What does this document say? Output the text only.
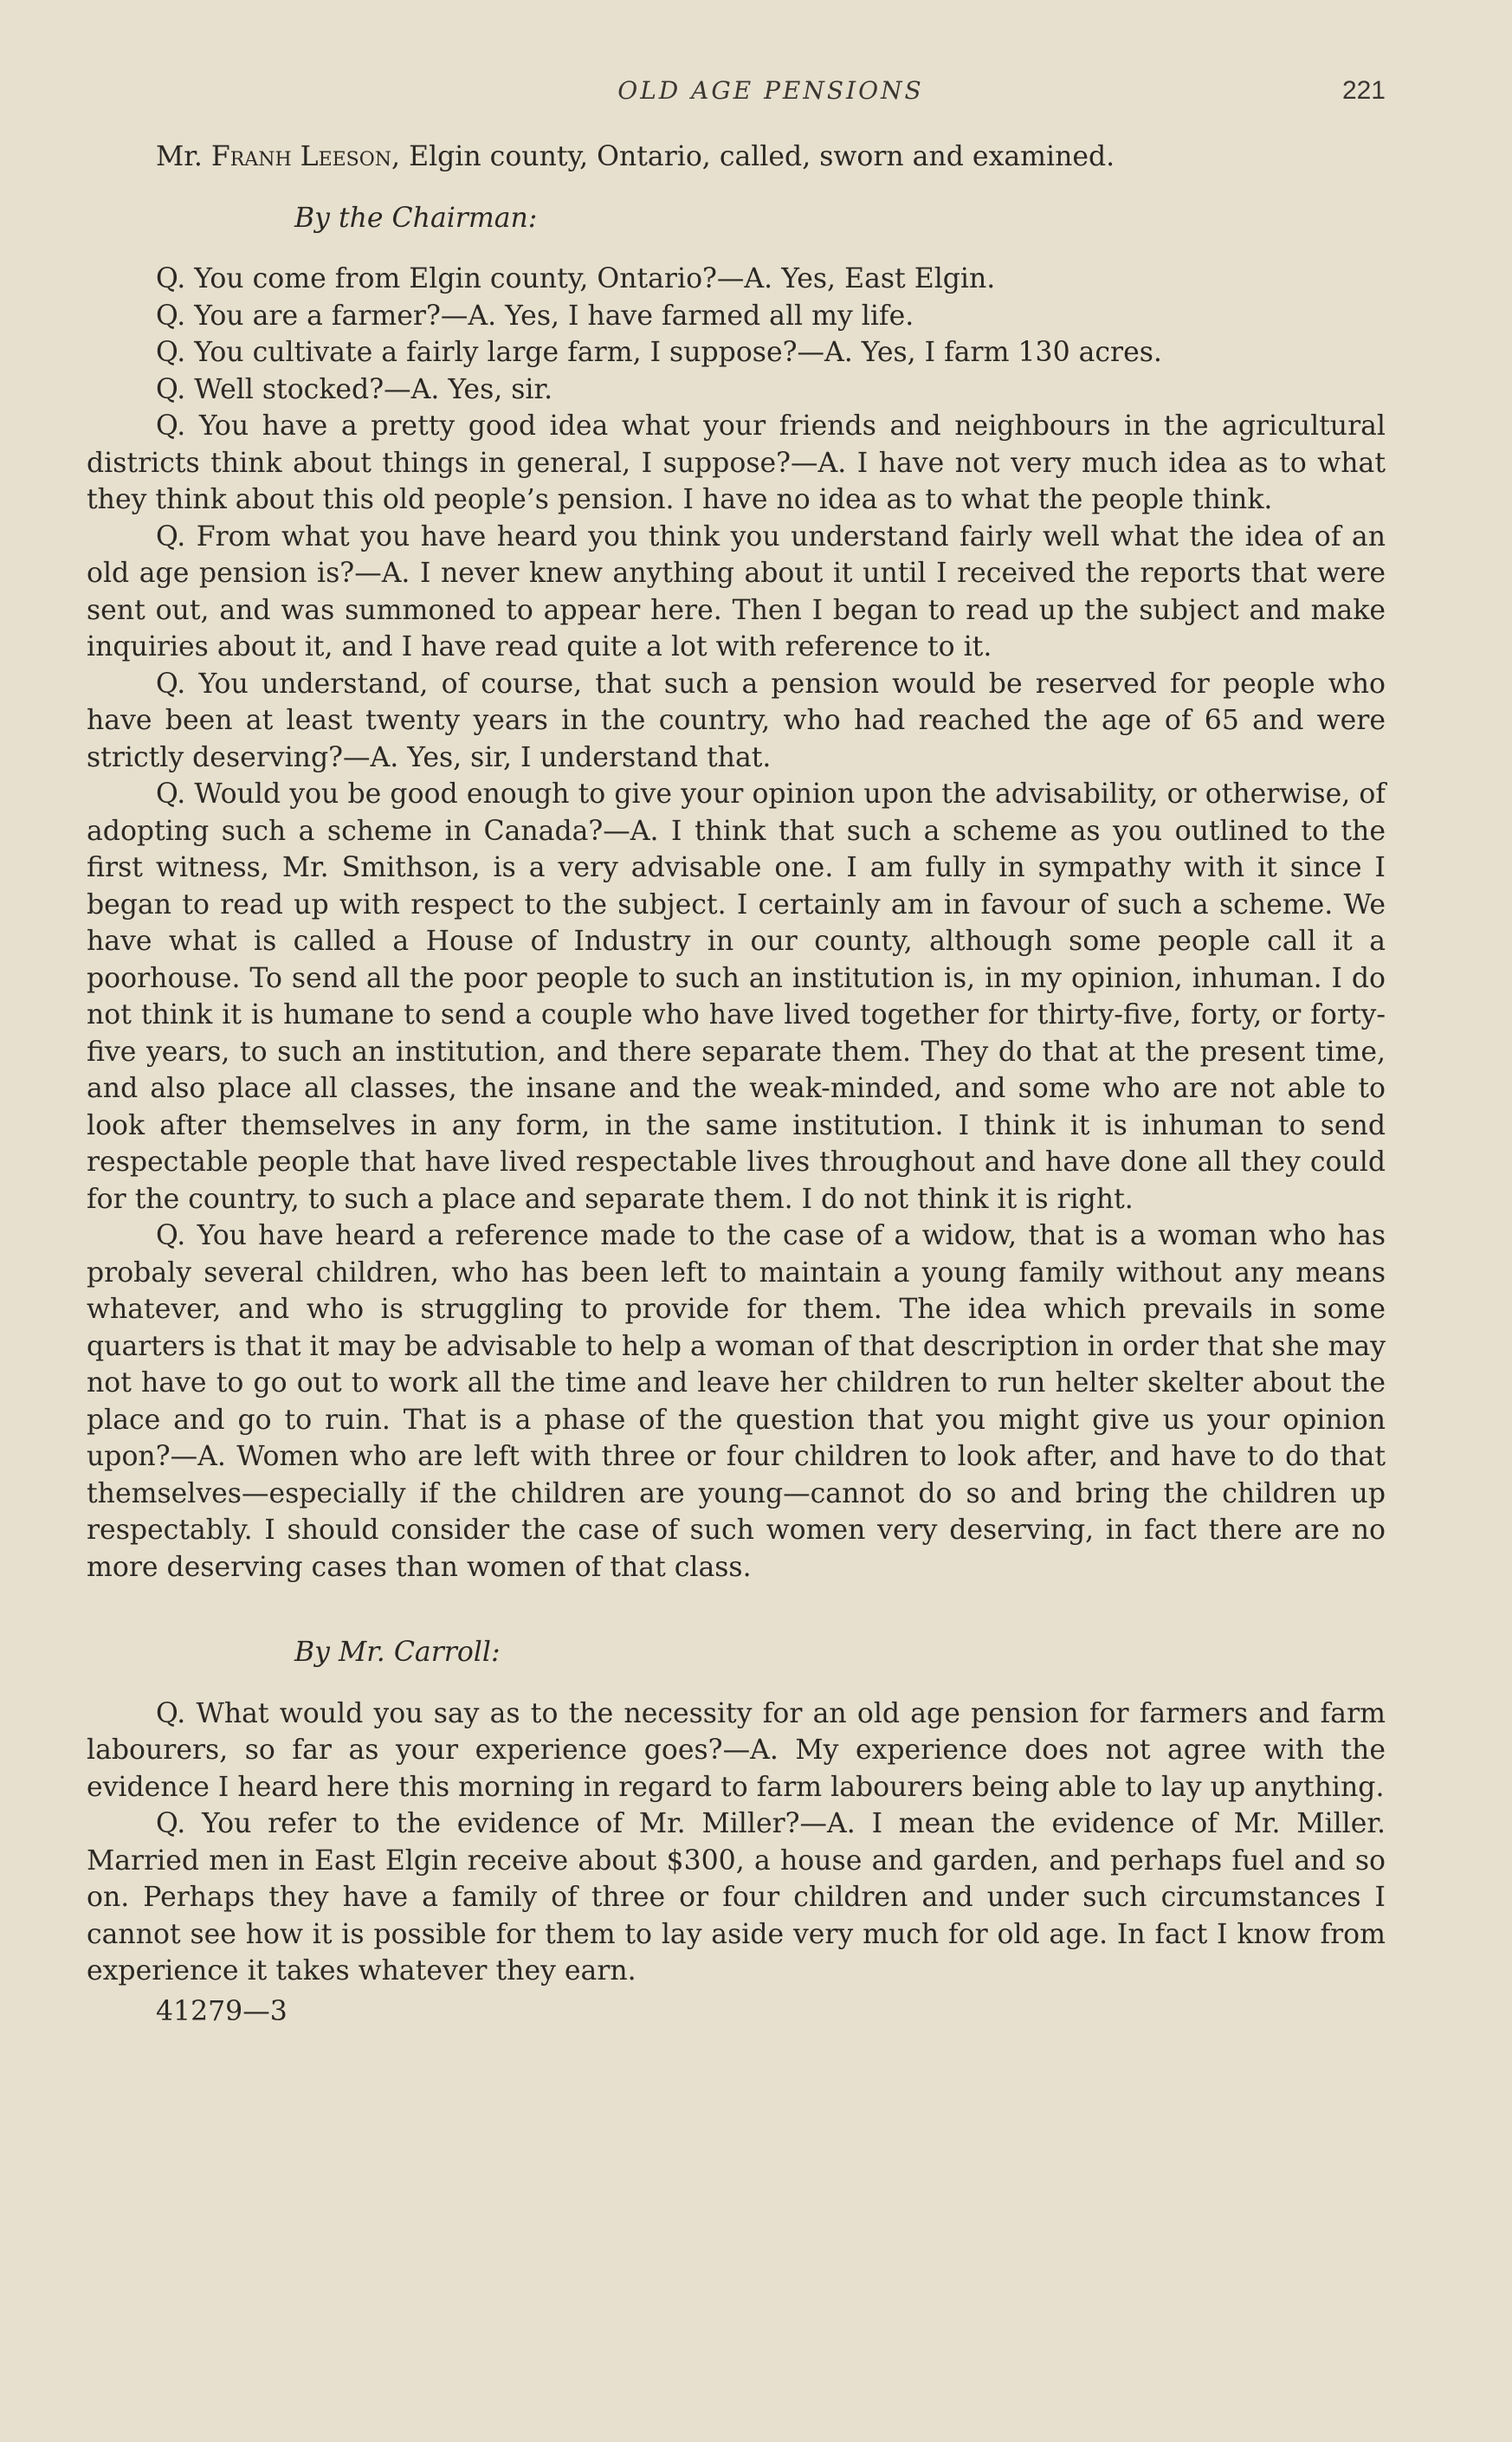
OLD AGE PENSIONS	221

Mr. Franh Leeson, Elgin county, Ontario, called, sworn and examined.

By the Chairman:

Q. You come from Elgin county, Ontario?—A. Yes, East Elgin.

Q. You are a farmer?—A. Yes, I have farmed all my life.

Q. You cultivate a fairly large farm, I suppose?—A. Yes, I farm 130 acres.

Q. Well stocked?—A. Yes, sir.

Q. You have a pretty good idea what your friends and neighbours in the agricultural districts think about things in general, I suppose?—A. I have not very much idea as to what they think about this old people’s pension. I have no idea as to what the people think.

Q. From what you have heard you think you understand fairly well what the idea of an old age pension is?—A. I never knew anything about it until I received the reports that were sent out, and was summoned to appear here. Then I began to read up the subject and make inquiries about it, and I have read quite a lot with reference to it.

Q. You understand, of course, that such a pension would be reserved for people who have been at least twenty years in the country, who had reached the age of 65 and were strictly deserving?—A. Yes, sir, I understand that.

Q. Would you be good enough to give your opinion upon the advisability, or otherwise, of adopting such a scheme in Canada?—A. I think that such a scheme as you outlined to the first witness, Mr. Smithson, is a very advisable one. I am fully in sympathy with it since I began to read up with respect to the subject. I certainly am in favour of such a scheme. We have what is called a House of Industry in our county, although some people call it a poorhouse. To send all the poor people to such an institution is, in my opinion, inhuman. I do not think it is humane to send a couple who have lived together for thirty-five, forty, or forty-five years, to such an institution, and there separate them. They do that at the present time, and also place all classes, the insane and the weak-minded, and some who are not able to look after themselves in any form, in the same institution. I think it is inhuman to send respectable people that have lived respectable lives throughout and have done all they could for the country, to such a place and separate them. I do not think it is right.

Q. You have heard a reference made to the case of a widow, that is a woman who has probaly several children, who has been left to maintain a young family without any means whatever, and who is struggling to provide for them. The idea which prevails in some quarters is that it may be advisable to help a woman of that description in order that she may not have to go out to work all the time and leave her children to run helter skelter about the place and go to ruin. That is a phase of the question that you might give us your opinion upon?—A. Women who are left with three or four children to look after, and have to do that themselves—especially if the children are young—cannot do so and bring the children up respectably. I should consider the case of such women very deserving, in fact there are no more deserving cases than women of that class.

By Mr. Carroll:

Q. What would you say as to the necessity for an old age pension for farmers and farm labourers, so far as your experience goes?—A. My experience does not agree with the evidence I heard here this morning in regard to farm labourers being able to lay up anything.

Q. You refer to the evidence of Mr. Miller?—A. I mean the evidence of Mr. Miller. Married men in East Elgin receive about $300, a house and garden, and perhaps fuel and so on. Perhaps they have a family of three or four children and under such circumstances I cannot see how it is possible for them to lay aside very much for old age. In fact I know from experience it takes whatever they earn.

41279—3
